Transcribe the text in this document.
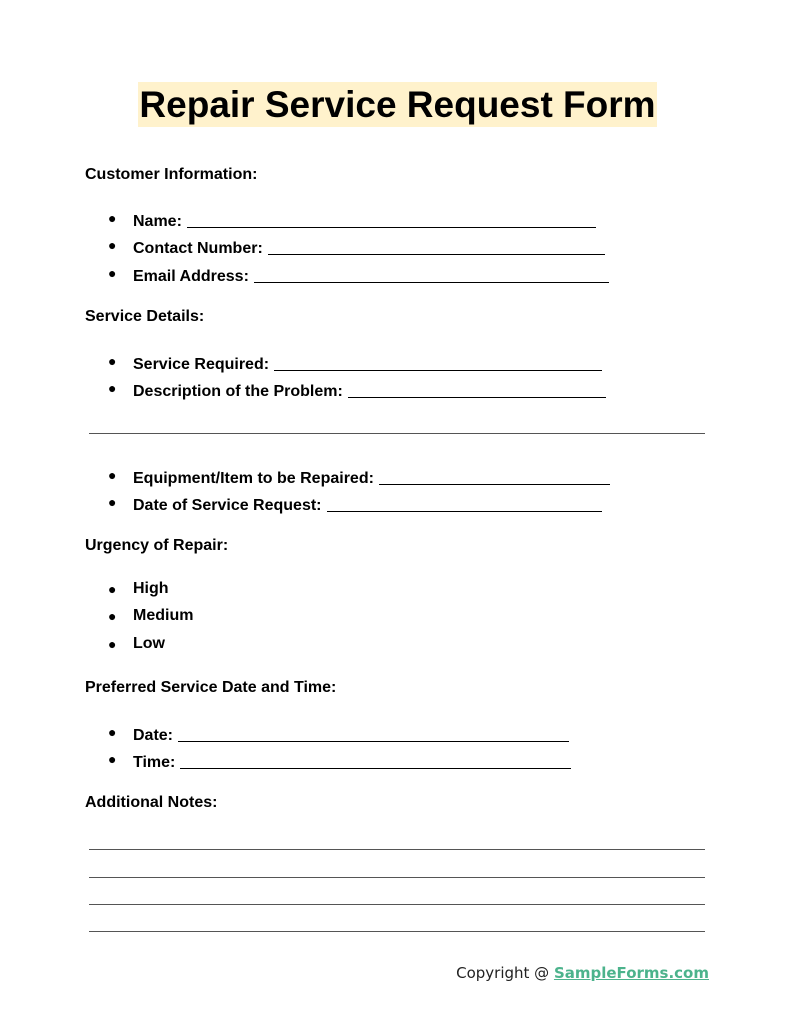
Repair Service Request Form
Customer Information:
● Name:
● Contact Number:
● Email Address:
Service Details:
● Service Required:
● Description of the Problem:
● Equipment/Item to be Repaired:
● Date of Service Request:
Urgency of Repair:
● High
● Medium
● Low
Preferred Service Date and Time:
● Date:
● Time:
Additional Notes:
Copyright @ SampleForms.com
